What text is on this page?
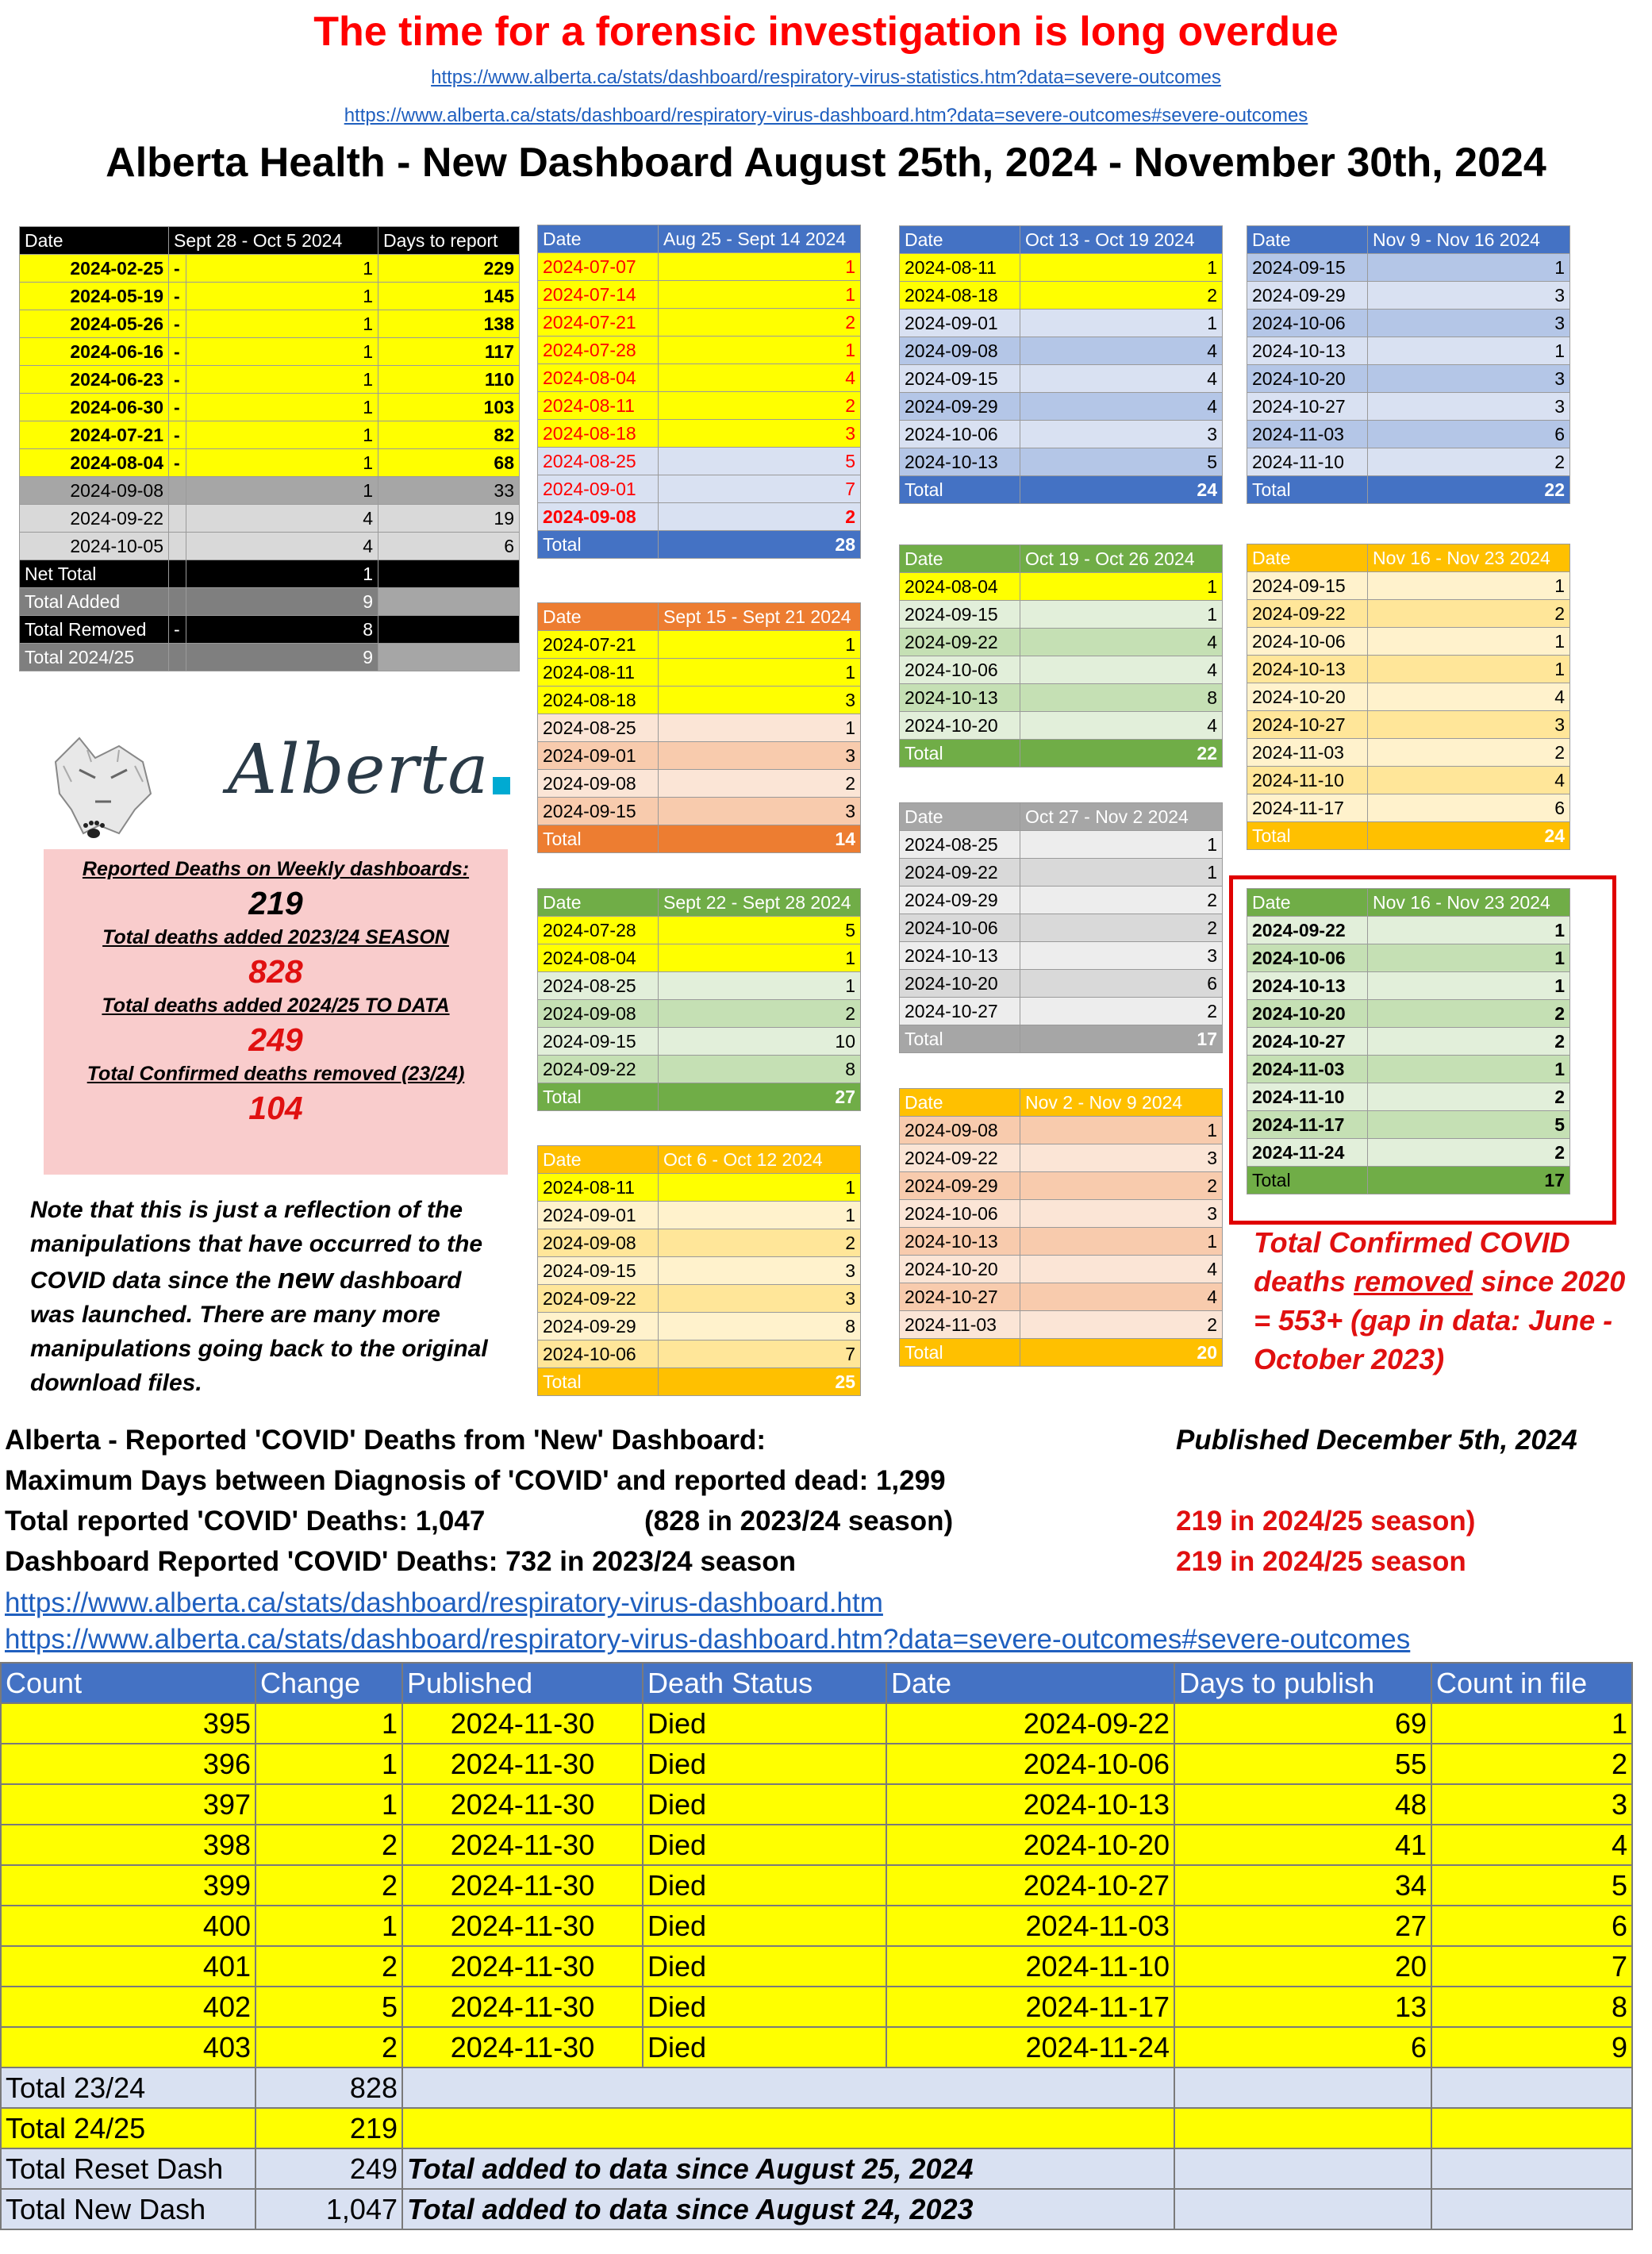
The time for a forensic investigation is long overdue
https://www.alberta.ca/stats/dashboard/respiratory-virus-statistics.htm?data=severe-outcomes
https://www.alberta.ca/stats/dashboard/respiratory-virus-dashboard.htm?data=severe-outcomes#severe-outcomes
Alberta Health - New Dashboard August 25th, 2024 - November 30th, 2024
Date	Aug 25 - Sept 14 2024
2024-07-07	1
2024-07-14	1
2024-07-21	2
2024-07-28	1
2024-08-04	4
2024-08-11	2
2024-08-18	3
2024-08-25	5
2024-09-01	7
2024-09-08	2
Total	28
Date	Sept 15 - Sept 21 2024
2024-07-21	1
2024-08-11	1
2024-08-18	3
2024-08-25	1
2024-09-01	3
2024-09-08	2
2024-09-15	3
Total	14
Date	Sept 22 - Sept 28 2024
2024-07-28	5
2024-08-04	1
2024-08-25	1
2024-09-08	2
2024-09-15	10
2024-09-22	8
Total	27
Date	Oct 6 - Oct 12 2024
2024-08-11	1
2024-09-01	1
2024-09-08	2
2024-09-15	3
2024-09-22	3
2024-09-29	8
2024-10-06	7
Total	25
Date	Oct 13 - Oct 19 2024
2024-08-11	1
2024-08-18	2
2024-09-01	1
2024-09-08	4
2024-09-15	4
2024-09-29	4
2024-10-06	3
2024-10-13	5
Total	24
Date	Oct 19 - Oct 26 2024
2024-08-04	1
2024-09-15	1
2024-09-22	4
2024-10-06	4
2024-10-13	8
2024-10-20	4
Total	22
Date	Oct 27 - Nov 2 2024
2024-08-25	1
2024-09-22	1
2024-09-29	2
2024-10-06	2
2024-10-13	3
2024-10-20	6
2024-10-27	2
Total	17
Date	Nov 2 - Nov 9 2024
2024-09-08	1
2024-09-22	3
2024-09-29	2
2024-10-06	3
2024-10-13	1
2024-10-20	4
2024-10-27	4
2024-11-03	2
Total	20
Date	Nov 9 - Nov 16 2024
2024-09-15	1
2024-09-29	3
2024-10-06	3
2024-10-13	1
2024-10-20	3
2024-10-27	3
2024-11-03	6
2024-11-10	2
Total	22
Date	Nov 16 - Nov 23 2024
2024-09-15	1
2024-09-22	2
2024-10-06	1
2024-10-13	1
2024-10-20	4
2024-10-27	3
2024-11-03	2
2024-11-10	4
2024-11-17	6
Total	24
Date	Nov 16 - Nov 23 2024
2024-09-22	1
2024-10-06	1
2024-10-13	1
2024-10-20	2
2024-10-27	2
2024-11-03	1
2024-11-10	2
2024-11-17	5
2024-11-24	2
Total	17
Date	Sept 28 - Oct 5 2024		Days to report
2024-02-25	-	1	229
2024-05-19	-	1	145
2024-05-26	-	1	138
2024-06-16	-	1	117
2024-06-23	-	1	110
2024-06-30	-	1	103
2024-07-21	-	1	82
2024-08-04	-	1	68
2024-09-08		1	33
2024-09-22		4	19
2024-10-05		4	6
Net Total		1	
Total Added		9	
Total Removed	-	8	
Total 2024/25		9	
Alberta
Reported Deaths on Weekly dashboards:
219
Total deaths added 2023/24 SEASON
828
Total deaths added 2024/25 TO DATA
249
Total Confirmed deaths removed (23/24)
104
Note that this is just a reflection of the manipulations that have occurred to the COVID data since the new dashboard was launched. There are many more manipulations going back to the original download files.
Total Confirmed COVID deaths removed since 2020 = 553+ (gap in data: June - October 2023)
Alberta - Reported 'COVID' Deaths from 'New' Dashboard:	Published December 5th, 2024
Maximum Days between Diagnosis of 'COVID' and reported dead: 1,299
Total reported 'COVID' Deaths: 1,047	(828 in 2023/24 season)	219 in 2024/25 season)
Dashboard Reported 'COVID' Deaths: 732 in 2023/24 season	219 in 2024/25 season
https://www.alberta.ca/stats/dashboard/respiratory-virus-dashboard.htm
https://www.alberta.ca/stats/dashboard/respiratory-virus-dashboard.htm?data=severe-outcomes#severe-outcomes
Count	Change	Published	Death Status	Date	Days to publish	Count in file
395	1	2024-11-30	Died	2024-09-22	69	1
396	1	2024-11-30	Died	2024-10-06	55	2
397	1	2024-11-30	Died	2024-10-13	48	3
398	2	2024-11-30	Died	2024-10-20	41	4
399	2	2024-11-30	Died	2024-10-27	34	5
400	1	2024-11-30	Died	2024-11-03	27	6
401	2	2024-11-30	Died	2024-11-10	20	7
402	5	2024-11-30	Died	2024-11-17	13	8
403	2	2024-11-30	Died	2024-11-24	6	9
Total 23/24	828					
Total 24/25	219					
Total Reset Dash	249	Total added to data since August 25, 2024				
Total New Dash	1,047	Total added to data since August 24, 2023				
